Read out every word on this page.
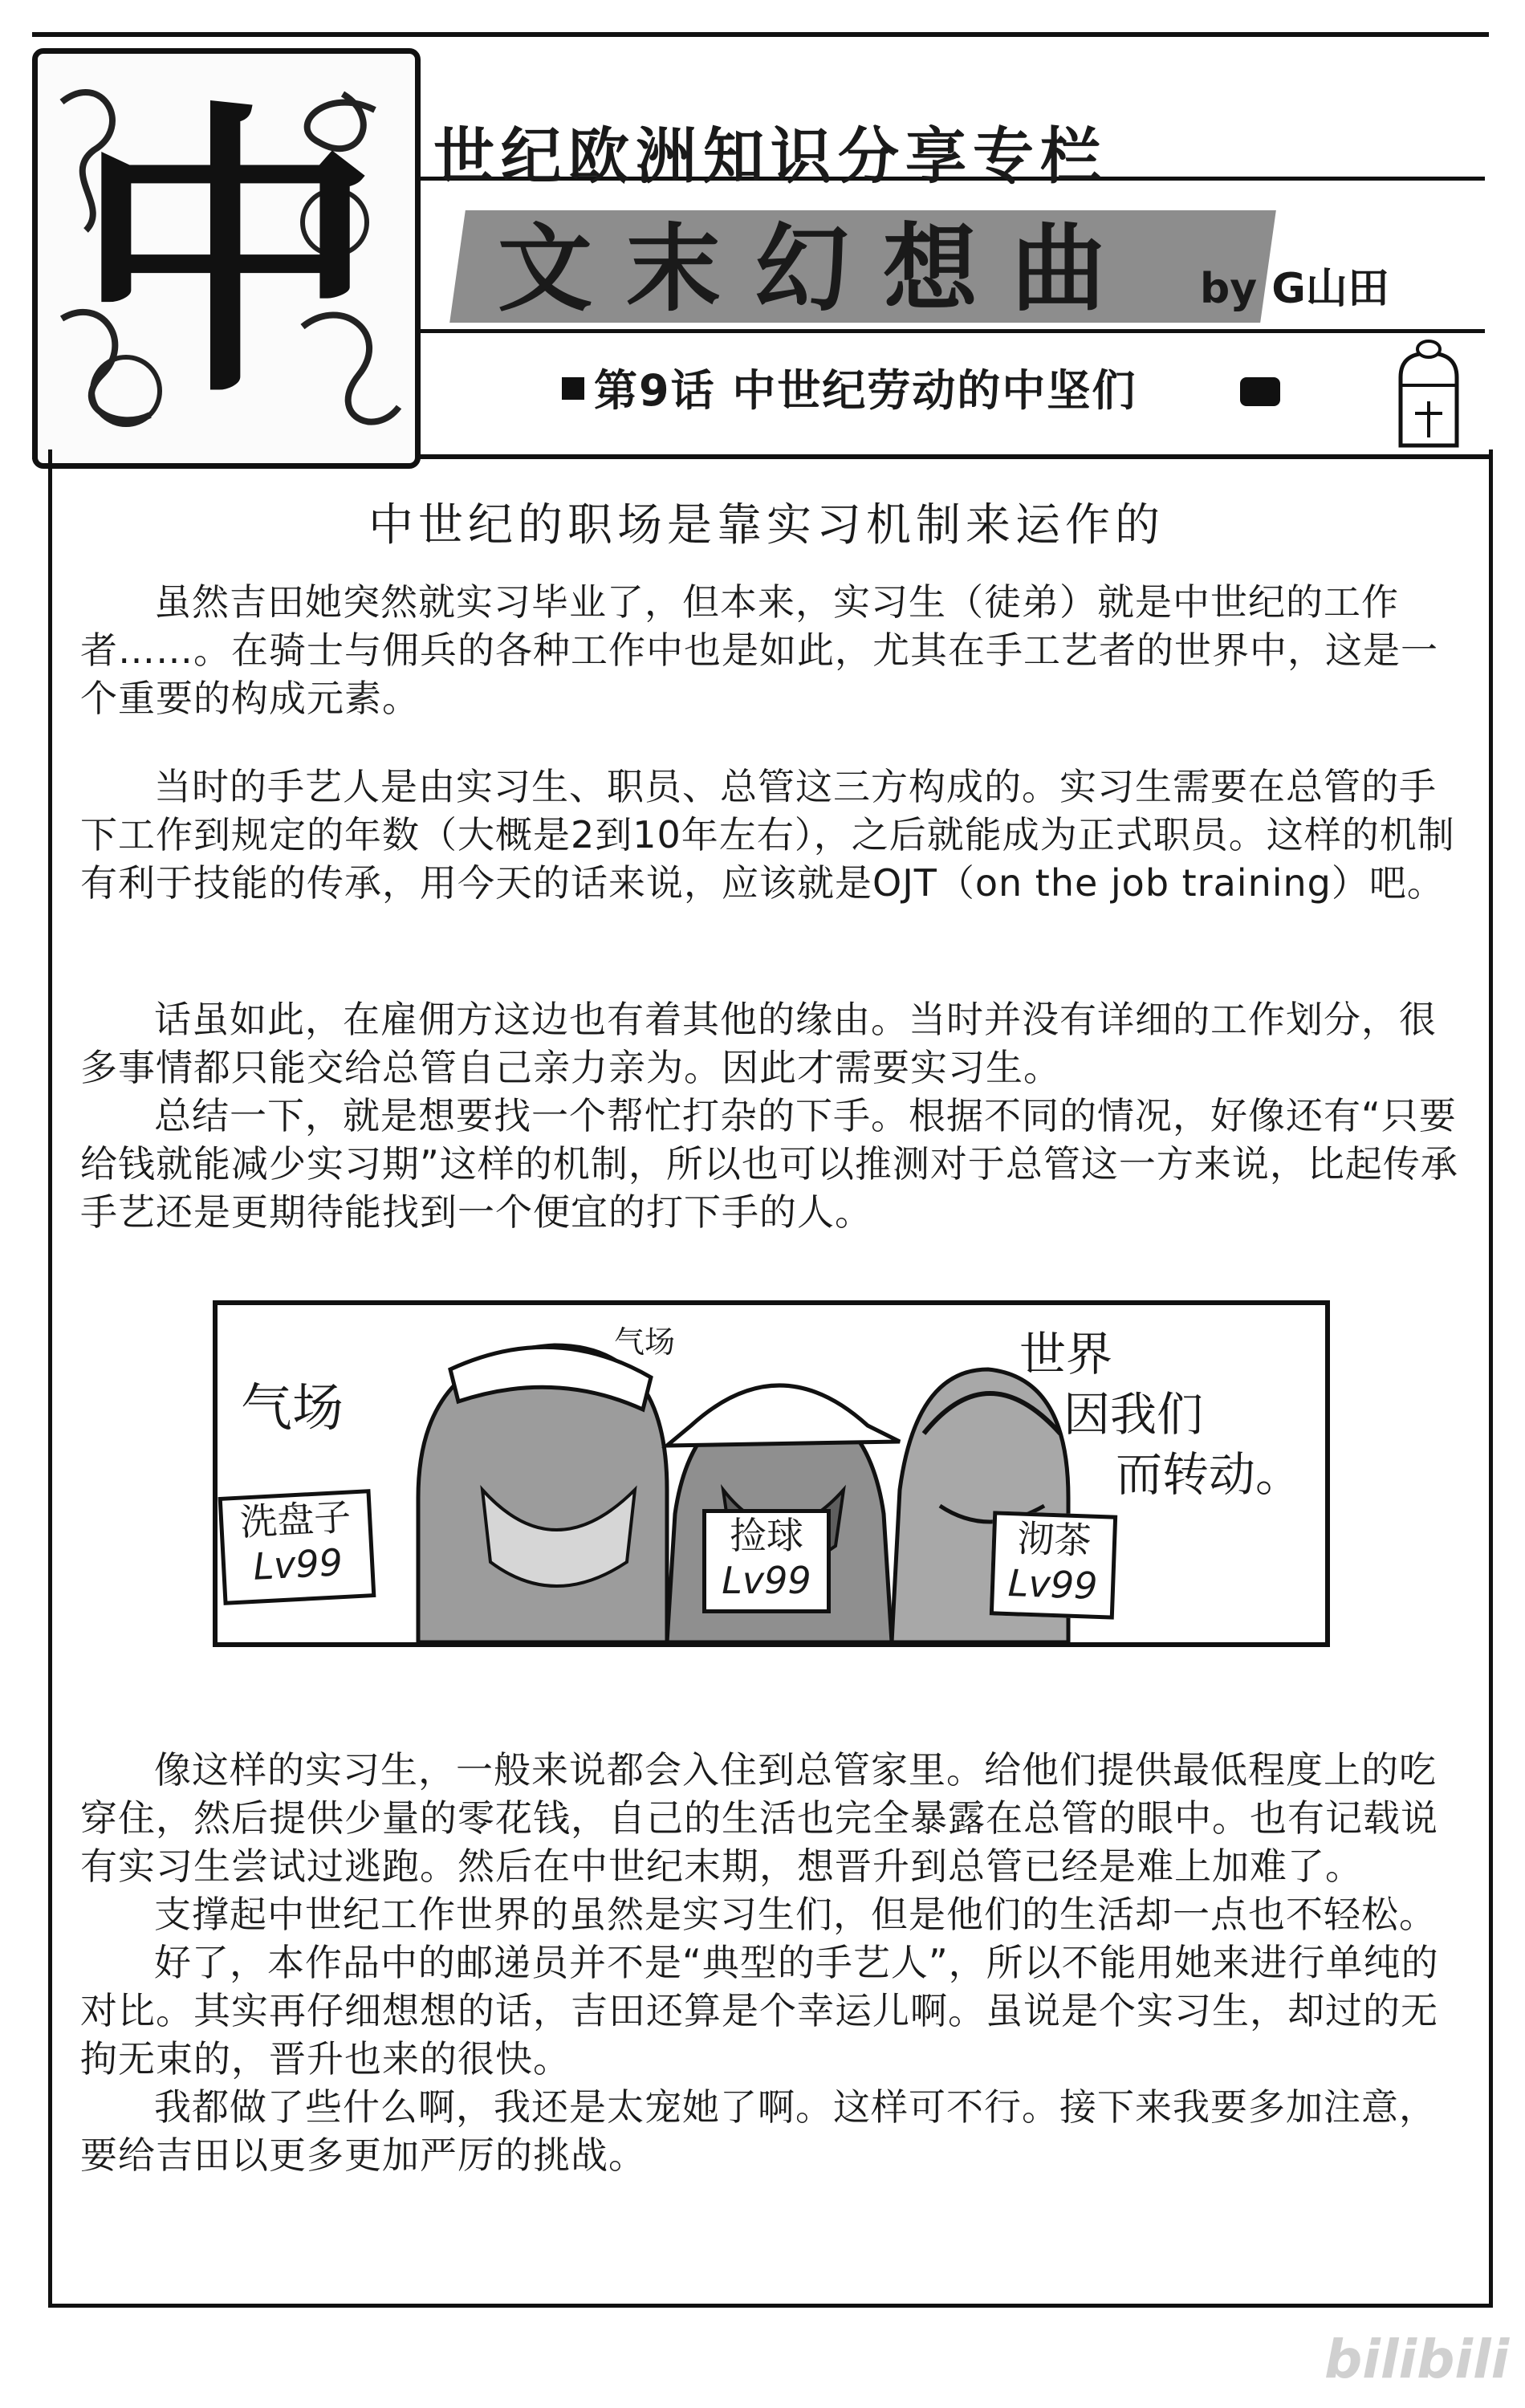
中 世纪欧洲知识分享专栏
文末幻想曲 by G山田
第9话 中世纪劳动的中坚们
中世纪的职场是靠实习机制来运作的

虽然吉田她突然就实习毕业了，但本来，实习生（徒弟）就是中世纪的工作者……。在骑士与佣兵的各种工作中也是如此，尤其在手工艺者的世界中，这是一个重要的构成元素。

当时的手艺人是由实习生、职员、总管这三方构成的。实习生需要在总管的手下工作到规定的年数（大概是2到10年左右），之后就能成为正式职员。这样的机制有利于技能的传承，用今天的话来说，应该就是OJT（on the job training）吧。

话虽如此，在雇佣方这边也有着其他的缘由。当时并没有详细的工作划分，很多事情都只能交给总管自己亲力亲为。因此才需要实习生。

总结一下，就是想要找一个帮忙打杂的下手。根据不同的情况，好像还有“只要给钱就能减少实习期”这样的机制，所以也可以推测对于总管这一方来说，比起传承手艺还是更期待能找到一个便宜的打下手的人。

气场
气场	世界
因我们
而转动。
洗盘子
Lv99
捡球
Lv99
沏茶
Lv99

像这样的实习生，一般来说都会入住到总管家里。给他们提供最低程度上的吃穿住，然后提供少量的零花钱，自己的生活也完全暴露在总管的眼中。也有记载说有实习生尝试过逃跑。然后在中世纪末期，想晋升到总管已经是难上加难了。

支撑起中世纪工作世界的虽然是实习生们，但是他们的生活却一点也不轻松。

好了，本作品中的邮递员并不是“典型的手艺人”，所以不能用她来进行单纯的对比。其实再仔细想想的话，吉田还算是个幸运儿啊。虽说是个实习生，却过的无拘无束的，晋升也来的很快。

我都做了些什么啊，我还是太宠她了啊。这样可不行。接下来我要多加注意，要给吉田以更多更加严厉的挑战。

bilibili
